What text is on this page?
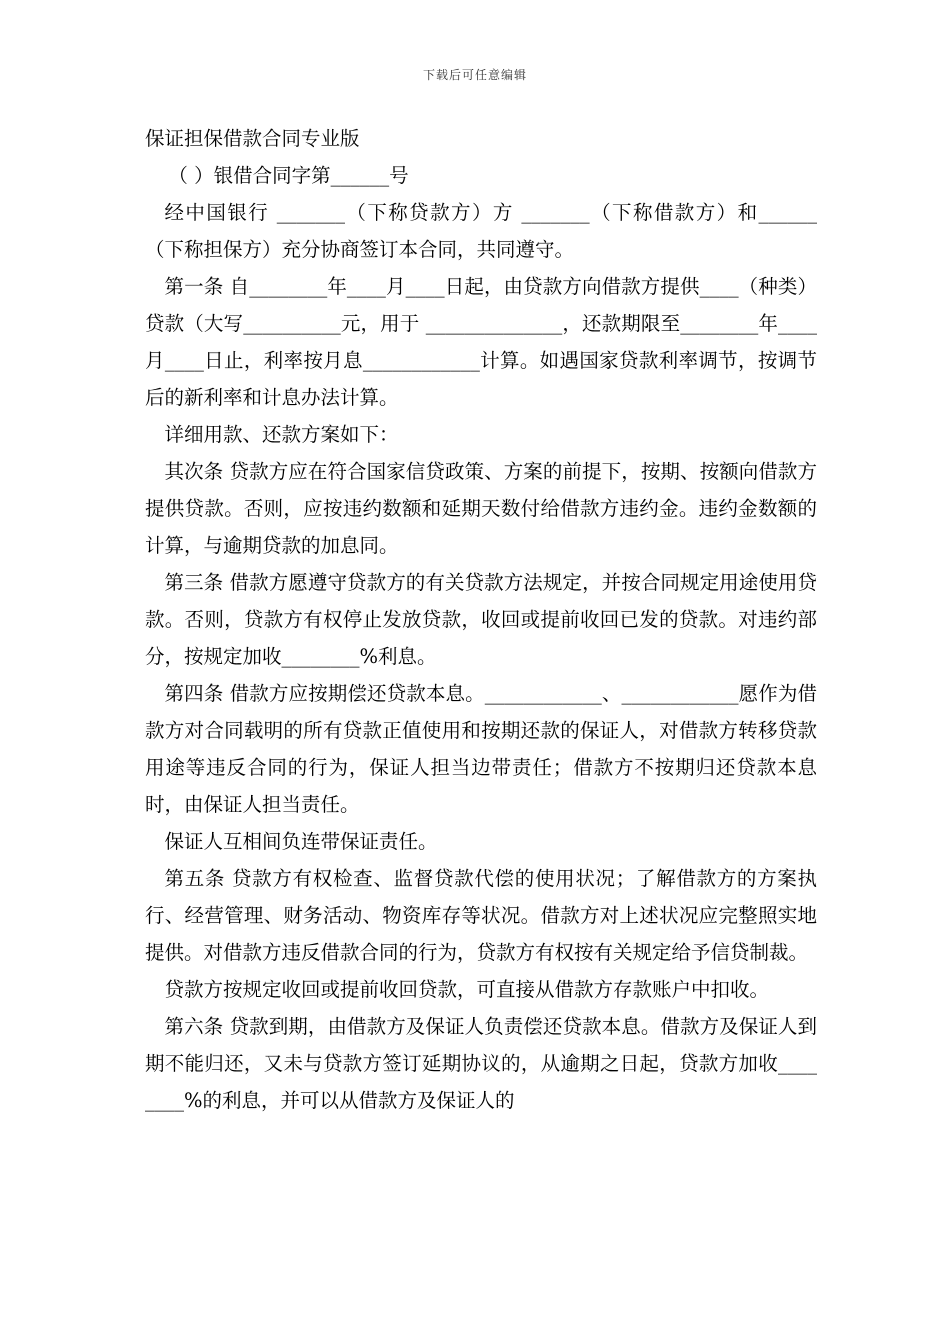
下载后可任意编辑

保证担保借款合同专业版

（ ）银借合同字第______号

经中国银行 _______（下称贷款方）方 _______（下称借款方）和______（下称担保方）充分协商签订本合同，共同遵守。

第一条 自________年____月____日起，由贷款方向借款方提供____（种类）贷款（大写__________元，用于 ______________，还款期限至________年____月____日止，利率按月息____________计算。如遇国家贷款利率调节，按调节后的新利率和计息办法计算。

详细用款、还款方案如下：

其次条 贷款方应在符合国家信贷政策、方案的前提下，按期、按额向借款方提供贷款。否则，应按违约数额和延期天数付给借款方违约金。违约金数额的计算，与逾期贷款的加息同。

第三条 借款方愿遵守贷款方的有关贷款方法规定，并按合同规定用途使用贷款。否则，贷款方有权停止发放贷款，收回或提前收回已发的贷款。对违约部分，按规定加收________%利息。

第四条 借款方应按期偿还贷款本息。____________、____________愿作为借款方对合同载明的所有贷款正值使用和按期还款的保证人，对借款方转移贷款用途等违反合同的行为，保证人担当边带责任；借款方不按期归还贷款本息时，由保证人担当责任。

保证人互相间负连带保证责任。

第五条 贷款方有权检查、监督贷款代偿的使用状况；了解借款方的方案执行、经营管理、财务活动、物资库存等状况。借款方对上述状况应完整照实地提供。对借款方违反借款合同的行为，贷款方有权按有关规定给予信贷制裁。

贷款方按规定收回或提前收回贷款，可直接从借款方存款账户中扣收。

第六条 贷款到期，由借款方及保证人负责偿还贷款本息。借款方及保证人到期不能归还，又未与贷款方签订延期协议的，从逾期之日起，贷款方加收________%的利息，并可以从借款方及保证人的
